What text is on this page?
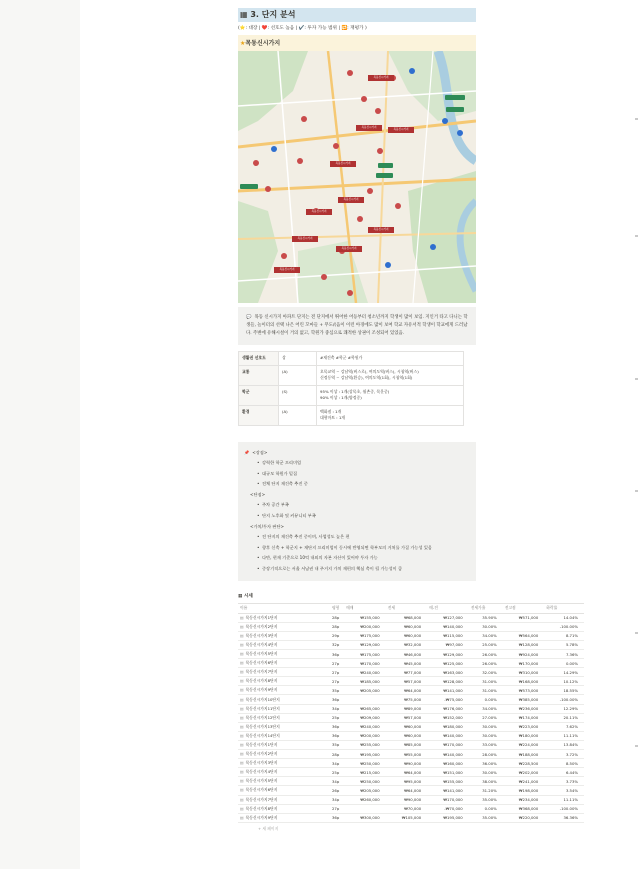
▦ 3. 단지 분석
(⭐: 대장 | ❤️: 선호도 높음 | ✔️: 투자 가능 범위 | 🔁: 재평가 )
★목동신시가지
목동신시가지
목동신시가지
목동신시가지
목동신시가지
목동신시가지
목동신시가지
목동신시가지
목동신시가지
목동신시가지
목동신시가지
💬 목동 신시가지 아파트 단지는 전 단지에서 뛰어한 어등부터 청소년까지 학생이 많이 보임. 지인거 타고 다니는 학생들, 놀이터의 선택 나은 어린 꼬마들 + 무도/(음이 이런 아경에도 많이 보여 학교 자유서적 학생이 학교에게 드러났다. 주변에 유해시설이 거의 없고, 학원가 중심으로 쾌적한 상권이 조성되어 있었음.
생활권 선호도	상	#재건축 #학군 #학원가
교통	(A)	오목교역 ~ 강남역(버스로), 여의도역(버스), 시청역(버스)
신정동역 ~ 강남역(환승), 여의도역(1회), 시청역(1회)
학군	(S)	95% 이상 : 1개(상목초, 월촌중, 목운중)
90% 이상 : 1개(양정중)
환경	(A)	백화점 : 1개
대형마트 : 1개
📌 <장점>
• 강력한 학군 프리미엄
• 대규모 학원가 밀집
• 전체 단지 재건축 추진 중
<단점>
• 주차 공간 부족
• 단지 노후화 및 커뮤니티 부족
<가치/투자 판단>
• 전 단지의 재건축 추진 중이며, 사업성도 높은 편
• 향후 신축 + 학군지 + 재단지 프리미엄이 동시에 반영되면 학부모의 거처를 가질 가능성 있음
• 다만, 현재 기준으로 10억 내외의 자본 자산이 있어야 투자 가능
• 중장기적으로는 서울 서남권 내 주거지 가치 재편의 핵심 축이 될 가능성이 큼
▦ 시세
이름	평형	매매	전세	매-전	전세가율	전고점	하락률
▤ 목동신시가지1단지	28p	₩155,000	₩68,000	₩127,000	35.90%	₩571,000	14.04%
▤ 목동신시가지2단지	28p	₩200,000	₩60,000	₩140,000	30.00%		-100.00%
▤ 목동신시가지3단지	29p	₩175,000	₩60,000	₩115,000	34.00%	₩564,000	8.71%
▤ 목동신시가지4단지	32p	₩129,000	₩32,000	₩97,000	25.00%	₩128,000	5.78%
▤ 목동신시가지5단지	36p	₩175,000	₩46,000	₩129,000	26.00%	₩924,000	7.36%
▤ 목동신시가지6단지	27p	₩170,000	₩45,000	₩125,000	26.00%	₩170,000	0.00%
▤ 목동신시가지7단지	27p	₩240,000	₩77,000	₩163,000	32.00%	₩310,000	14.29%
▤ 목동신시가지8단지	27p	₩185,000	₩57,000	₩128,000	31.00%	₩168,000	10.12%
▤ 목동신시가지9단지	35p	₩205,000	₩64,000	₩141,000	31.00%	₩573,000	18.55%
▤ 목동신시가지10단지	36p		₩75,000	-₩75,000	0.00%	₩385,000	-100.00%
▤ 목동신시가지11단지	34p	₩265,000	₩89,000	₩176,000	34.00%	₩236,000	12.29%
▤ 목동신시가지12단지	25p	₩209,000	₩57,000	₩152,000	27.00%	₩174,000	20.11%
▤ 목동신시가지13단지	36p	₩240,000	₩60,000	₩180,000	30.00%	₩223,000	7.62%
▤ 목동신시가지14단지	36p	₩200,000	₩60,000	₩140,000	30.00%	₩180,000	11.11%
▤ 목동신시가지1단지	35p	₩255,000	₩85,000	₩170,000	33.00%	₩224,000	13.84%
▤ 목동신시가지2단지	28p	₩195,000	₩55,000	₩140,000	28.00%	₩188,000	3.72%
▤ 목동신시가지3단지	34p	₩250,000	₩90,000	₩160,000	36.00%	₩228,500	8.50%
▤ 목동신시가지4단지	25p	₩215,000	₩64,000	₩151,000	30.00%	₩202,000	6.44%
▤ 목동신시가지5단지	34p	₩250,000	₩95,000	₩155,000	38.00%	₩241,000	3.73%
▤ 목동신시가지6단지	26p	₩205,000	₩64,000	₩141,000	31.20%	₩198,000	3.54%
▤ 목동신시가지7단지	34p	₩260,000	₩90,000	₩170,000	35.00%	₩234,000	11.11%
▤ 목동신시가지8단지	27p		₩70,000	-₩70,000	0.00%	₩368,000	-100.00%
▤ 목동신시가지9단지	36p	₩300,000	₩105,000	₩195,000	35.00%	₩220,000	36.36%
+ 새 페이지
